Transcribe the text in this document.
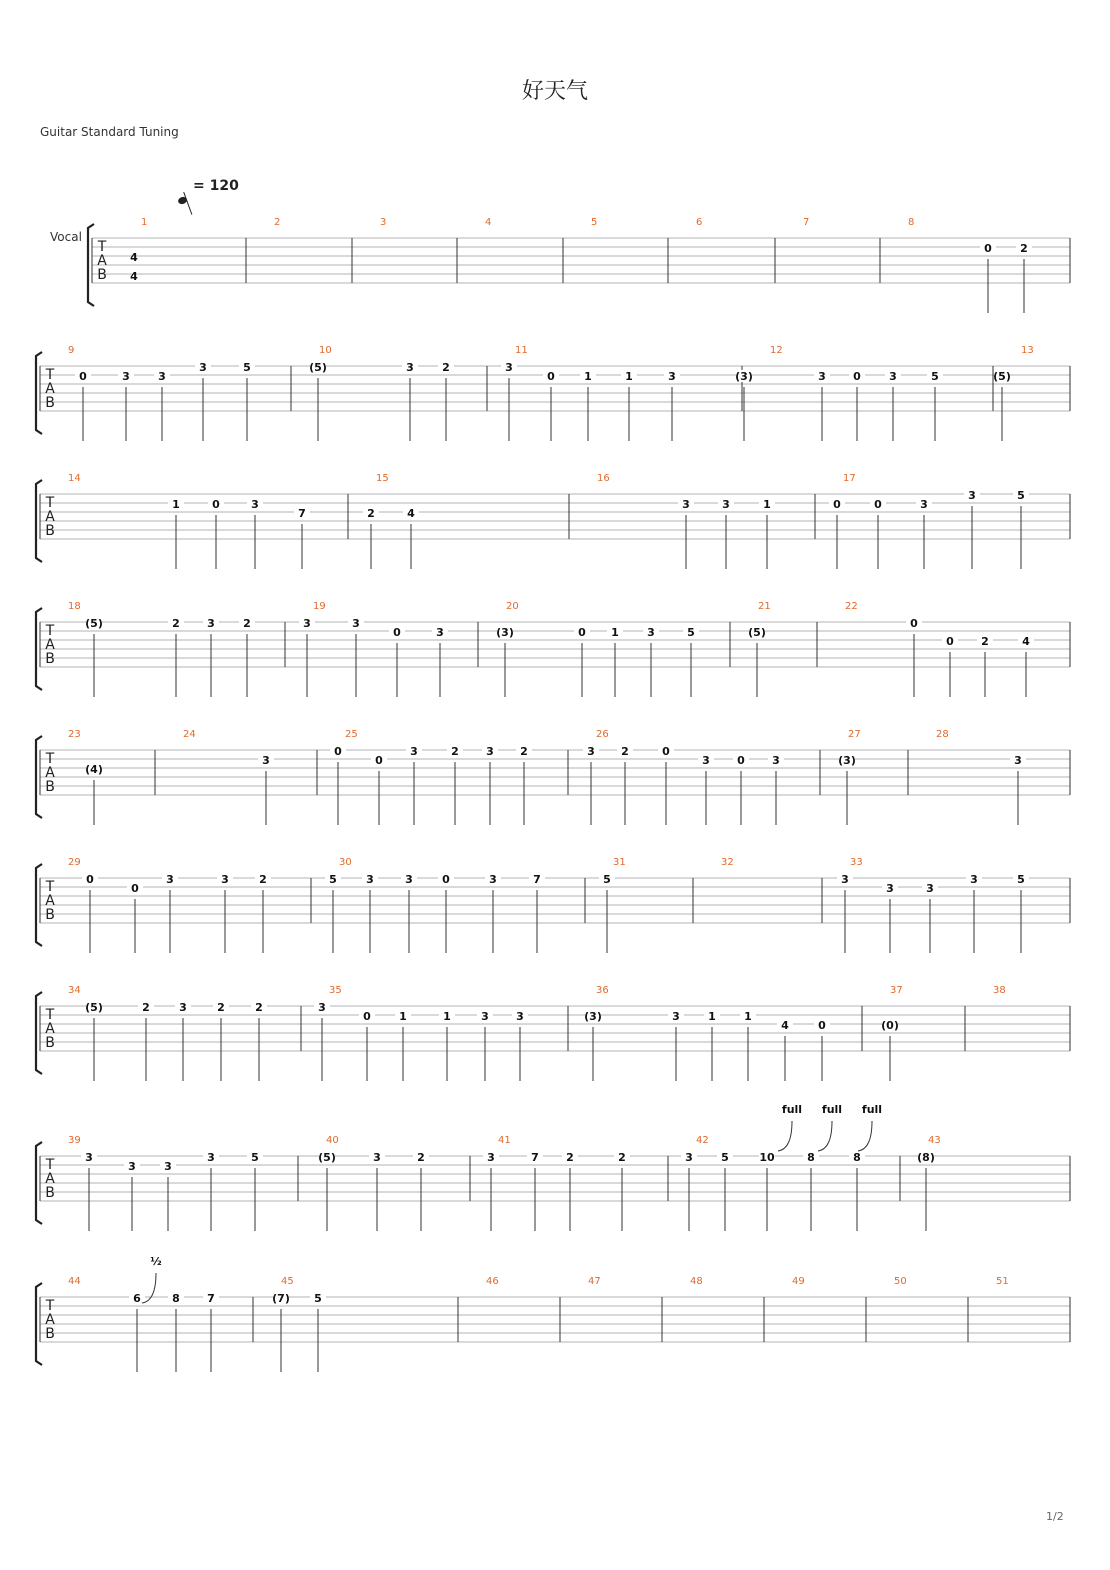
好天气
Guitar Standard Tuning
= 120
Vocal
1/2
T
A
B
4
4
1	2	3	4	5	6	7	8
0	2
T
A
B
9	10	11	12	13
0	3	3
3	5	(5)	3	2	3
0	1	1	3	(3)	3 0	3	5	(5)
T
A
B
14	15	16	17
1	0	3
7	2	4
3	3	1	0	0	3
3	5
T
A
B
18	19	20	21	22
(5)	2 3	2	3	3
0	3	(3)	0 1	3	5	(5)
0
0 2	4
T
A
B
23	24	25	26	27	28
(4)
3
0
0
3	2 3 2	3 2	0
3 0 3	(3)	3
T
A
B
29	30	31	32	33
0
0
3	3	2	5	3	3	0	3	7	5	3
3	3
3	5
T
A
B
34	35	36	37	38
(5)	2	3	2	2	3
0	1	1	3 3	(3)	3	1	1
4	0	(0)
T
A
B
39	40	41	42	43
3
3	3
3	5	(5)	3	2	3	7 2	2	3	5	10	8	8	(8)
full full full
T
A
B
44	45	46	47	48	49	50	51
6	8 7	(7) 5
½
